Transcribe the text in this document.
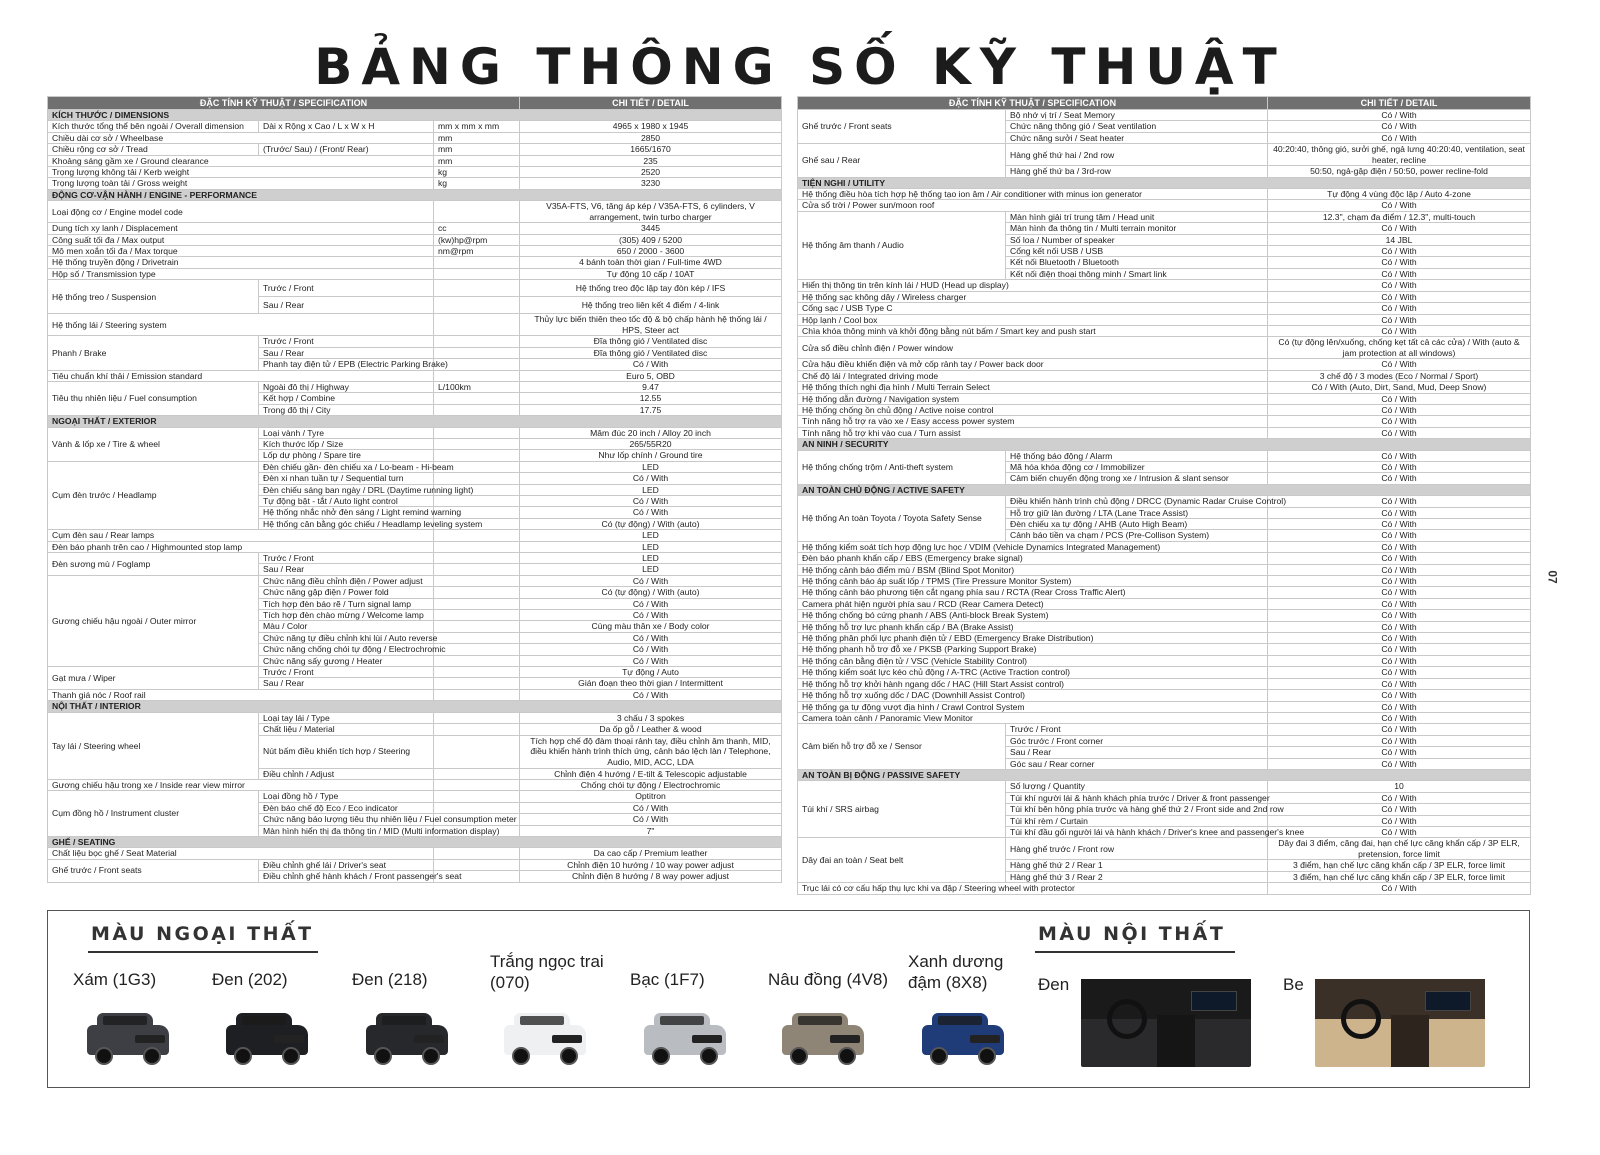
BẢNG THÔNG SỐ KỸ THUẬT
ĐẶC TÍNH KỸ THUẬT / SPECIFICATION			CHI TIẾT / DETAIL
KÍCH THƯỚC / DIMENSIONS			
Kích thước tổng thể bên ngoài / Overall dimension	Dài x Rộng x Cao / L x W x H	mm x mm x mm	4965 x 1980 x 1945
Chiều dài cơ sở / Wheelbase		mm	2850
Chiều rộng cơ sở / Tread	(Trước/ Sau) / (Front/ Rear)	mm	1665/1670
Khoảng sáng gầm xe / Ground clearance		mm	235
Trọng lượng không tải / Kerb weight		kg	2520
Trọng lượng toàn tải / Gross weight		kg	3230
ĐỘNG CƠ-VẬN HÀNH / ENGINE - PERFORMANCE			
Loại động cơ / Engine model code			V35A-FTS, V6, tăng áp kép / V35A-FTS, 6 cylinders, V arrangement, twin turbo charger
Dung tích xy lanh / Displacement		cc	3445
Công suất tối đa / Max output		(kw)hp@rpm	(305) 409 / 5200
Mô men xoắn tối đa / Max torque		nm@rpm	650 / 2000 - 3600
Hệ thống truyền động / Drivetrain			4 bánh toàn thời gian / Full-time 4WD
Hộp số / Transmission type			Tự động 10 cấp / 10AT
Hệ thống treo / Suspension	Trước / Front		Hệ thống treo độc lập tay đòn kép / IFS
	Sau / Rear		Hệ thống treo liên kết 4 điểm / 4-link
Hệ thống lái / Steering system			Thủy lực biến thiên theo tốc độ & bộ chấp hành hệ thống lái / HPS, Steer act
Phanh / Brake	Trước / Front		Đĩa thông gió / Ventilated disc
	Sau / Rear		Đĩa thông gió / Ventilated disc
	Phanh tay điện tử / EPB (Electric Parking Brake)		Có / With
Tiêu chuẩn khí thải / Emission standard			Euro 5, OBD
Tiêu thụ nhiên liệu / Fuel consumption	Ngoài đô thị / Highway	L/100km	9.47
	Kết hợp / Combine		12.55
	Trong đô thị / City		17.75
NGOẠI THẤT / EXTERIOR			
Vành & lốp xe / Tire & wheel	Loại vành / Tyre		Mâm đúc 20 inch / Alloy 20 inch
	Kích thước lốp / Size		265/55R20
	Lốp dự phòng / Spare tire		Như lốp chính / Ground tire
Cụm đèn trước / Headlamp	Đèn chiếu gần- đèn chiếu xa / Lo-beam - Hi-beam		LED
	Đèn xi nhan tuần tự / Sequential turn		Có / With
	Đèn chiếu sáng ban ngày / DRL (Daytime running light)		LED
	Tự động bật - tắt / Auto light control		Có / With
	Hệ thống nhắc nhở đèn sáng / Light remind warning		Có / With
	Hệ thống cân bằng góc chiếu / Headlamp leveling system		Có (tự động) / With (auto)
Cụm đèn sau / Rear lamps			LED
Đèn báo phanh trên cao / Highmounted stop lamp			LED
Đèn sương mù / Foglamp	Trước / Front		LED
	Sau / Rear		LED
Gương chiếu hậu ngoài / Outer mirror	Chức năng điều chỉnh điện / Power adjust		Có / With
	Chức năng gập điện / Power fold		Có (tự động) / With (auto)
	Tích hợp đèn báo rẽ / Turn signal lamp		Có / With
	Tích hợp đèn chào mừng / Welcome lamp		Có / With
	Màu / Color		Cùng màu thân xe / Body color
	Chức năng tự điều chỉnh khi lùi / Auto reverse		Có / With
	Chức năng chống chói tự động / Electrochromic		Có / With
	Chức năng sấy gương / Heater		Có / With
Gạt mưa / Wiper	Trước / Front		Tự động / Auto
	Sau / Rear		Gián đoạn theo thời gian / Intermittent
Thanh giá nóc / Roof rail			Có / With
NỘI THẤT / INTERIOR			
Tay lái / Steering wheel	Loại tay lái / Type		3 chấu / 3 spokes
	Chất liệu / Material		Da ốp gỗ / Leather & wood
	Nút bấm điều khiển tích hợp / Steering		Tích hợp chế độ đàm thoại rảnh tay, điều chỉnh âm thanh, MID, điều khiển hành trình thích ứng, cảnh báo lệch làn / Telephone, Audio, MID, ACC, LDA
	Điều chỉnh / Adjust		Chỉnh điện 4 hướng / E-tilt & Telescopic adjustable
Gương chiếu hậu trong xe / Inside rear view mirror			Chống chói tự động / Electrochromic
Cụm đồng hồ / Instrument cluster	Loại đồng hồ / Type		Optitron
	Đèn báo chế độ Eco / Eco indicator		Có / With
	Chức năng báo lượng tiêu thụ nhiên liệu / Fuel consumption meter		Có / With
	Màn hình hiển thị đa thông tin / MID (Multi information display)		7"
GHẾ / SEATING			
Chất liệu bọc ghế / Seat Material			Da cao cấp / Premium leather
Ghế trước / Front seats	Điều chỉnh ghế lái / Driver's seat		Chỉnh điện 10 hướng / 10 way power adjust
	Điều chỉnh ghế hành khách / Front passenger's seat		Chỉnh điện 8 hướng / 8 way power adjust
ĐẶC TÍNH KỸ THUẬT / SPECIFICATION		CHI TIẾT / DETAIL
Ghế trước / Front seats	Bộ nhớ vị trí / Seat Memory	Có / With
	Chức năng thông gió / Seat ventilation	Có / With
	Chức năng sưởi / Seat heater	Có / With
Ghế sau / Rear	Hàng ghế thứ hai / 2nd row	40:20:40, thông gió, sưởi ghế, ngả lưng 40:20:40, ventilation, seat heater, recline
	Hàng ghế thứ ba / 3rd-row	50:50, ngả-gập điện / 50:50, power recline-fold
TIỆN NGHI / UTILITY		
Hệ thống điều hòa tích hợp hệ thống tạo ion âm / Air conditioner with minus ion generator		Tự động 4 vùng độc lập / Auto 4-zone
Cửa sổ trời / Power sun/moon roof		Có / With
Hệ thống âm thanh / Audio	Màn hình giải trí trung tâm / Head unit	12.3", chạm đa điểm / 12.3", multi-touch
	Màn hình đa thông tin / Multi terrain monitor	Có / With
	Số loa / Number of speaker	14 JBL
	Cổng kết nối USB / USB	Có / With
	Kết nối Bluetooth / Bluetooth	Có / With
	Kết nối điện thoại thông minh / Smart link	Có / With
Hiển thị thông tin trên kính lái / HUD (Head up display)		Có / With
Hệ thống sạc không dây / Wireless charger		Có / With
Cổng sạc / USB Type C		Có / With
Hộp lạnh / Cool box		Có / With
Chìa khóa thông minh và khởi động bằng nút bấm / Smart key and push start		Có / With
Cửa sổ điều chỉnh điện / Power window		Có (tự động lên/xuống, chống kẹt tất cả các cửa) / With (auto & jam protection at all windows)
Cửa hậu điều khiển điện và mở cốp rảnh tay / Power back door		Có / With
Chế độ lái / Integrated driving mode		3 chế độ / 3 modes (Eco / Normal / Sport)
Hệ thống thích nghi địa hình / Multi Terrain Select		Có / With (Auto, Dirt, Sand, Mud, Deep Snow)
Hệ thống dẫn đường / Navigation system		Có / With
Hệ thống chống ồn chủ động / Active noise control		Có / With
Tính năng hỗ trợ ra vào xe / Easy access power system		Có / With
Tính năng hỗ trợ khi vào cua / Turn assist		Có / With
AN NINH / SECURITY		
Hệ thống chống trộm / Anti-theft system	Hệ thống báo động / Alarm	Có / With
	Mã hóa khóa động cơ / Immobilizer	Có / With
	Cảm biến chuyển động trong xe / Intrusion & slant sensor	Có / With
AN TOÀN CHỦ ĐỘNG / ACTIVE SAFETY		
Hệ thống An toàn Toyota / Toyota Safety Sense	Điều khiển hành trình chủ động / DRCC (Dynamic Radar Cruise Control)	Có / With
	Hỗ trợ giữ làn đường / LTA (Lane Trace Assist)	Có / With
	Đèn chiếu xa tự động / AHB (Auto High Beam)	Có / With
	Cảnh báo tiền va chạm / PCS (Pre-Collison System)	Có / With
Hệ thống kiểm soát tích hợp động lực học / VDIM (Vehicle Dynamics Integrated Management)		Có / With
Đèn báo phanh khẩn cấp / EBS (Emergency brake signal)		Có / With
Hệ thống cảnh báo điểm mù / BSM (Blind Spot Monitor)		Có / With
Hệ thống cảnh báo áp suất lốp / TPMS (Tire Pressure Monitor System)		Có / With
Hệ thống cảnh báo phương tiện cắt ngang phía sau / RCTA (Rear Cross Traffic Alert)		Có / With
Camera phát hiện người phía sau / RCD (Rear Camera Detect)		Có / With
Hệ thống chống bó cứng phanh / ABS (Anti-block Break System)		Có / With
Hệ thống hỗ trợ lực phanh khẩn cấp / BA (Brake Assist)		Có / With
Hệ thống phân phối lực phanh điện tử / EBD (Emergency Brake Distribution)		Có / With
Hệ thống phanh hỗ trợ đỗ xe / PKSB (Parking Support Brake)		Có / With
Hệ thống cân bằng điện tử / VSC (Vehicle Stability Control)		Có / With
Hệ thống kiểm soát lực kéo chủ động / A-TRC (Active Traction control)		Có / With
Hệ thống hỗ trợ khởi hành ngang dốc / HAC (Hill Start Assist control)		Có / With
Hệ thống hỗ trợ xuống dốc / DAC (Downhill Assist Control)		Có / With
Hệ thống ga tự động vượt địa hình / Crawl Control System		Có / With
Camera toàn cảnh / Panoramic View Monitor		Có / With
Cảm biến hỗ trợ đỗ xe / Sensor	Trước / Front	Có / With
	Góc trước / Front corner	Có / With
	Sau / Rear	Có / With
	Góc sau / Rear corner	Có / With
AN TOÀN BỊ ĐỘNG / PASSIVE SAFETY		
Túi khí / SRS airbag	Số lượng / Quantity	10
	Túi khí người lái & hành khách phía trước / Driver & front passenger	Có / With
	Túi khí bên hông phía trước và hàng ghế thứ 2 / Front side and 2nd row	Có / With
	Túi khí rèm / Curtain	Có / With
	Túi khí đầu gối người lái và hành khách / Driver's knee and passenger's knee	Có / With
Dây đai an toàn / Seat belt	Hàng ghế trước / Front row	Dây đai 3 điểm, căng đai, hạn chế lực căng khẩn cấp / 3P ELR, pretension, force limit
	Hàng ghế thứ 2 / Rear 1	3 điểm, hạn chế lực căng khẩn cấp / 3P ELR, force limit
	Hàng ghế thứ 3 / Rear 2	3 điểm, hạn chế lực căng khẩn cấp / 3P ELR, force limit
Trục lái có cơ cấu hấp thụ lực khi va đập / Steering wheel with protector		Có / With
07
MÀU NGOẠI THẤT
Xám (1G3)	Đen (202)	Đen (218)
Trắng ngọc trai (070)	Bạc (1F7)	Nâu đồng (4V8)
Xanh dương đậm (8X8)
MÀU NỘI THẤT
Đen	Be
